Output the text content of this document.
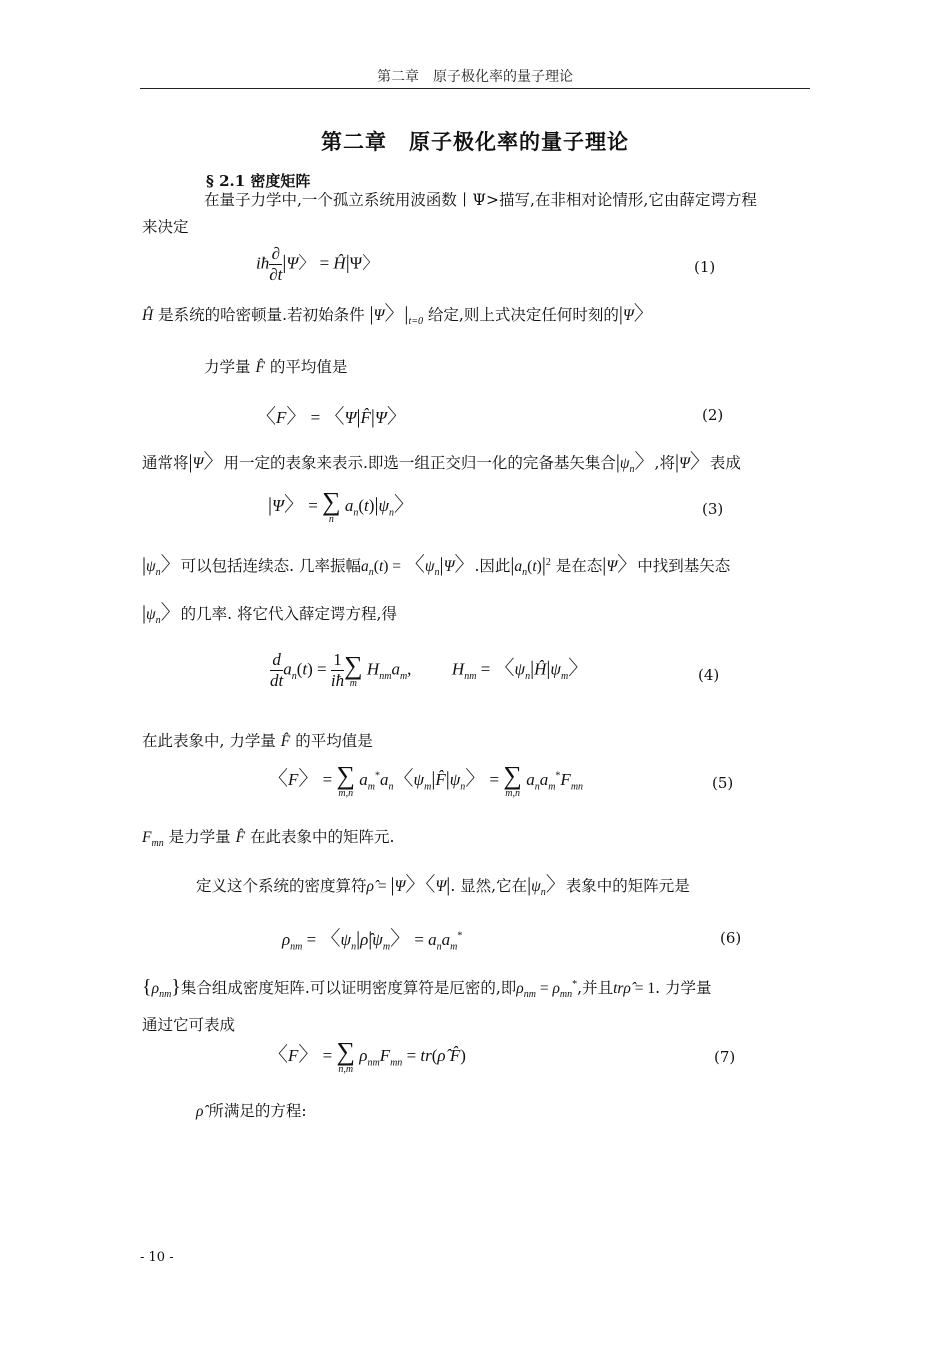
第二章　原子极化率的量子理论
第二章　原子极化率的量子理论
§ 2.1 密度矩阵
在量子力学中,一个孤立系统用波函数丨Ψ>描写,在非相对论情形,它由薛定谔方程
来决定
iħ $\frac{\partial}{\partial t} |\Psi$〉 = Ĥ|Ψ〉	(1)
Ĥ 是系统的哈密顿量.若初始条件 |Ψ〉$|_{t=0}$ 给定,则上式决定任何时刻的|Ψ〉
力学量 F̂ 的平均值是
〈F〉 = 〈Ψ|F̂|Ψ〉	(2)
通常将|Ψ〉用一定的表象来表示.即选一组正交归一化的完备基矢集合$|\psi_n$〉,将|Ψ〉表成
|Ψ〉 = ∑
n
$a_n(t)|\psi_n$〉	(3)
$|\psi_n$〉可以包括连续态. 几率振幅$a_n(t)$ = 〈$\psi_n|\Psi$〉.因此$|a_n(t)|^2$ 是在态|Ψ〉中找到基矢态
$|\psi_n$〉的几率. 将它代入薛定谔方程,得
$\frac{d}{dt} a_n(t) = \frac{1}{iħ}$ ∑
m
$H_{nm}a_m$,  $H_{nm}$ = 〈$\psi_n|Ĥ|\psi_m$〉	(4)
在此表象中, 力学量 F̂ 的平均值是
〈F〉 = ∑
m,n
$a_m^*a_n$〈$\psi_m|F̂|\psi_n$〉 = ∑
m,n
$a_na_m^*F_{mn}$	(5)
$F_{mn}$ 是力学量 F̂ 在此表象中的矩阵元.
定义这个系统的密度算符ρ̂ = |Ψ〉〈Ψ|. 显然,它在$|\psi_n$〉表象中的矩阵元是
$\rho_{nm}$ = 〈$\psi_n|\rhô|\psi_m$〉 = $a_na_m^*$	(6)
$\{\rho_{nm}\}$集合组成密度矩阵.可以证明密度算符是厄密的,即$\rho_{nm} = \rho_{mn}^*$,并且trρ̂ = 1. 力学量
通过它可表成
〈F〉 = ∑
n,m
$\rho_{nm}F_{mn}$ = tr(ρ̂ F̂)	(7)
ρ̂ 所满足的方程:
- 10 -
